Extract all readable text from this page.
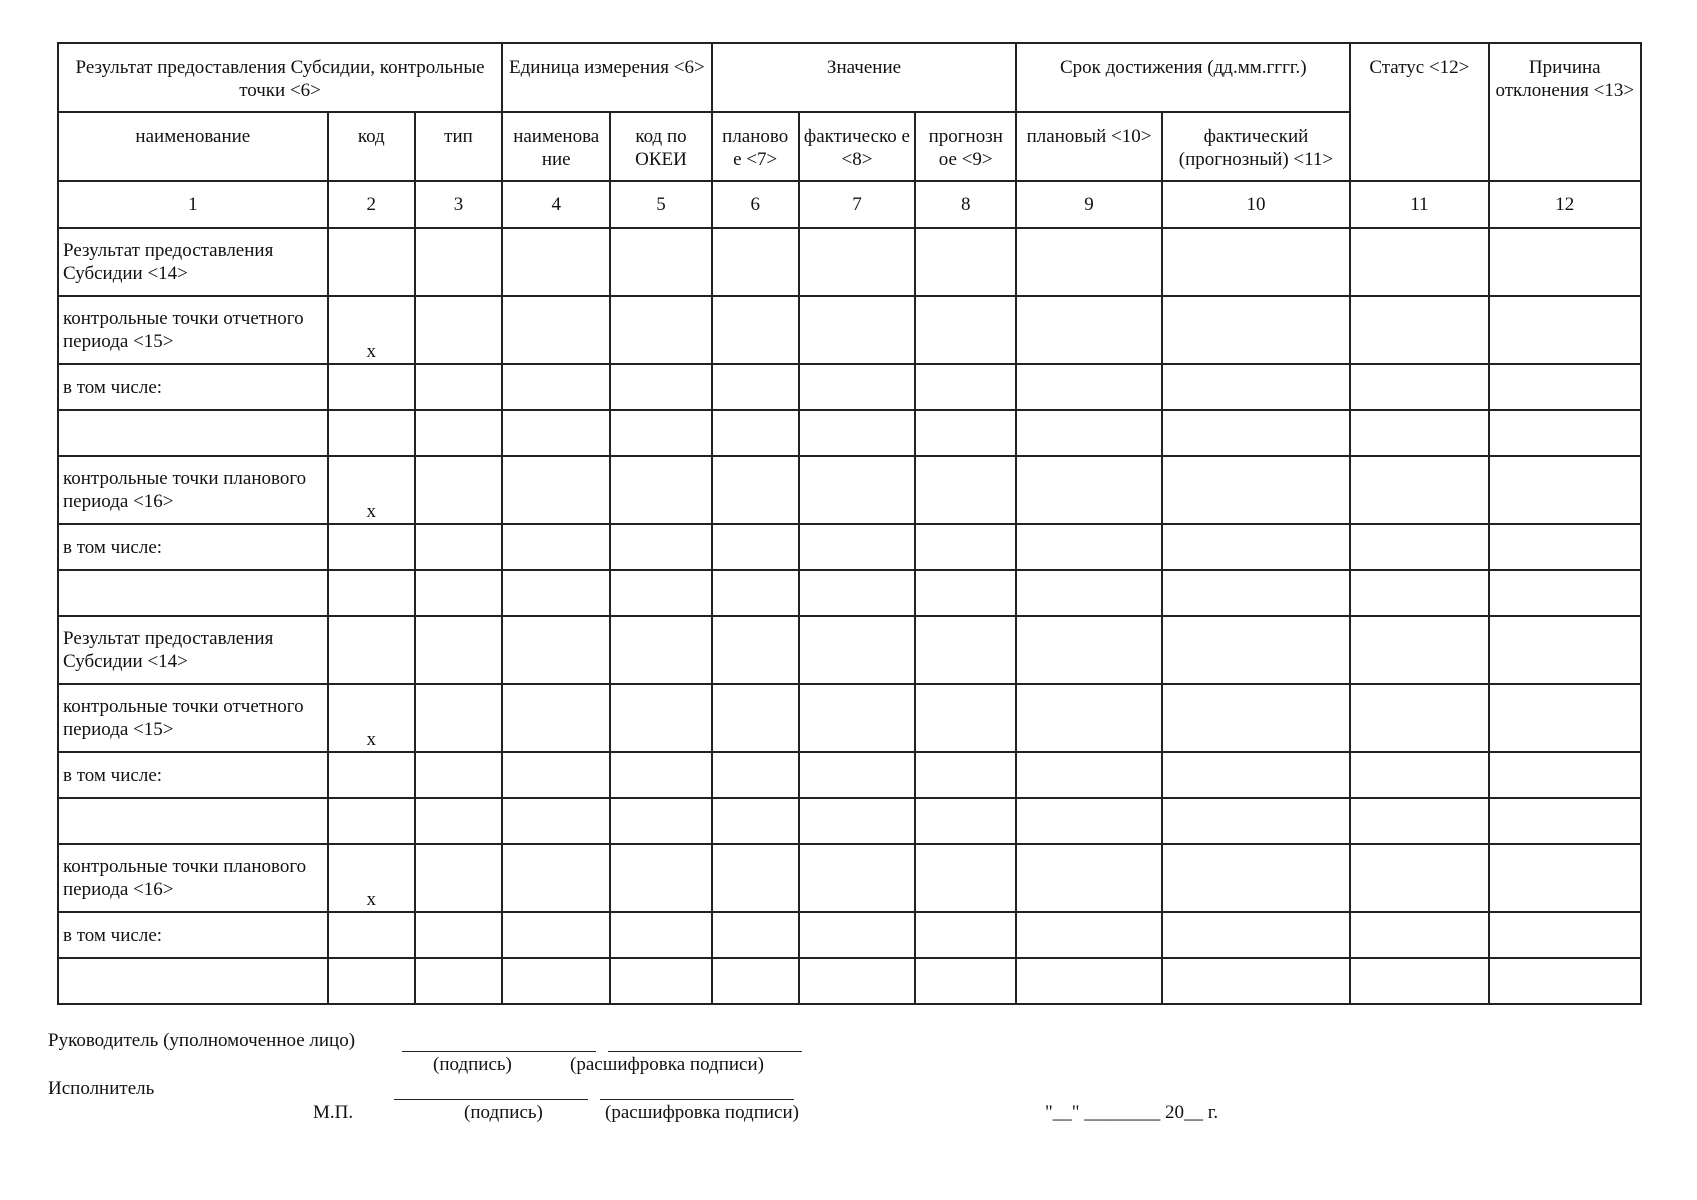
Результат предоставления Субсидии, контрольные точки <6>			Единица измерения <6>		Значение			Срок достижения (дд.мм.гггг.)		Статус <12>	Причина отклонения <13>
наименование	код	тип	наименова ние	код по ОКЕИ	планово е <7>	фактическо е <8>	прогнозн ое <9>	плановый <10>	фактический (прогнозный) <11>		
1	2	3	4	5	6	7	8	9	10	11	12
Результат предоставления Субсидии <14>											
контрольные точки отчетного периода <15>	x										
в том числе:											

контрольные точки планового периода <16>	x										
в том числе:											

Результат предоставления Субсидии <14>											
контрольные точки отчетного периода <15>	x										
в том числе:											

контрольные точки планового периода <16>	x										
в том числе:											

Руководитель (уполномоченное лицо)
(подпись)	(расшифровка подписи)
Исполнитель
М.П.	(подпись)	(расшифровка подписи)	"__" ________ 20__ г.
